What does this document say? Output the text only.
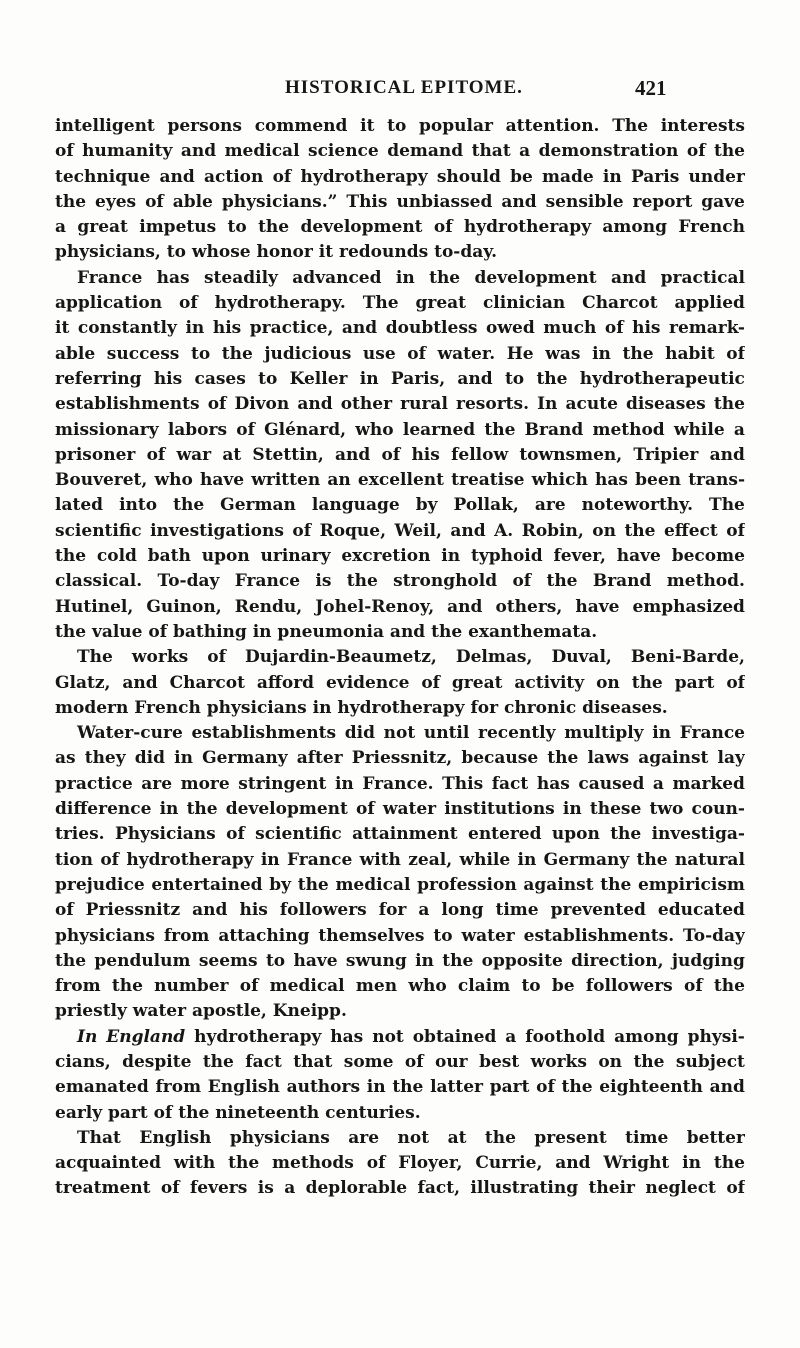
HISTORICAL EPITOME.	421
intelligent persons commend it to popular attention. The interests
of humanity and medical science demand that a demonstration of the
technique and action of hydrotherapy should be made in Paris under
the eyes of able physicians.” This unbiassed and sensible report gave
a great impetus to the development of hydrotherapy among French
physicians, to whose honor it redounds to-day.
France has steadily advanced in the development and practical
application of hydrotherapy. The great clinician Charcot applied
it constantly in his practice, and doubtless owed much of his remark-
able success to the judicious use of water. He was in the habit of
referring his cases to Keller in Paris, and to the hydrotherapeutic
establishments of Divon and other rural resorts. In acute diseases the
missionary labors of Glénard, who learned the Brand method while a
prisoner of war at Stettin, and of his fellow townsmen, Tripier and
Bouveret, who have written an excellent treatise which has been trans-
lated into the German language by Pollak, are noteworthy. The
scientific investigations of Roque, Weil, and A. Robin, on the effect of
the cold bath upon urinary excretion in typhoid fever, have become
classical. To-day France is the stronghold of the Brand method.
Hutinel, Guinon, Rendu, Johel-Renoy, and others, have emphasized
the value of bathing in pneumonia and the exanthemata.
The works of Dujardin-Beaumetz, Delmas, Duval, Beni-Barde,
Glatz, and Charcot afford evidence of great activity on the part of
modern French physicians in hydrotherapy for chronic diseases.
Water-cure establishments did not until recently multiply in France
as they did in Germany after Priessnitz, because the laws against lay
practice are more stringent in France. This fact has caused a marked
difference in the development of water institutions in these two coun-
tries. Physicians of scientific attainment entered upon the investiga-
tion of hydrotherapy in France with zeal, while in Germany the natural
prejudice entertained by the medical profession against the empiricism
of Priessnitz and his followers for a long time prevented educated
physicians from attaching themselves to water establishments. To-day
the pendulum seems to have swung in the opposite direction, judging
from the number of medical men who claim to be followers of the
priestly water apostle, Kneipp.
In England hydrotherapy has not obtained a foothold among physi-
cians, despite the fact that some of our best works on the subject
emanated from English authors in the latter part of the eighteenth and
early part of the nineteenth centuries.
That English physicians are not at the present time better
acquainted with the methods of Floyer, Currie, and Wright in the
treatment of fevers is a deplorable fact, illustrating their neglect of
